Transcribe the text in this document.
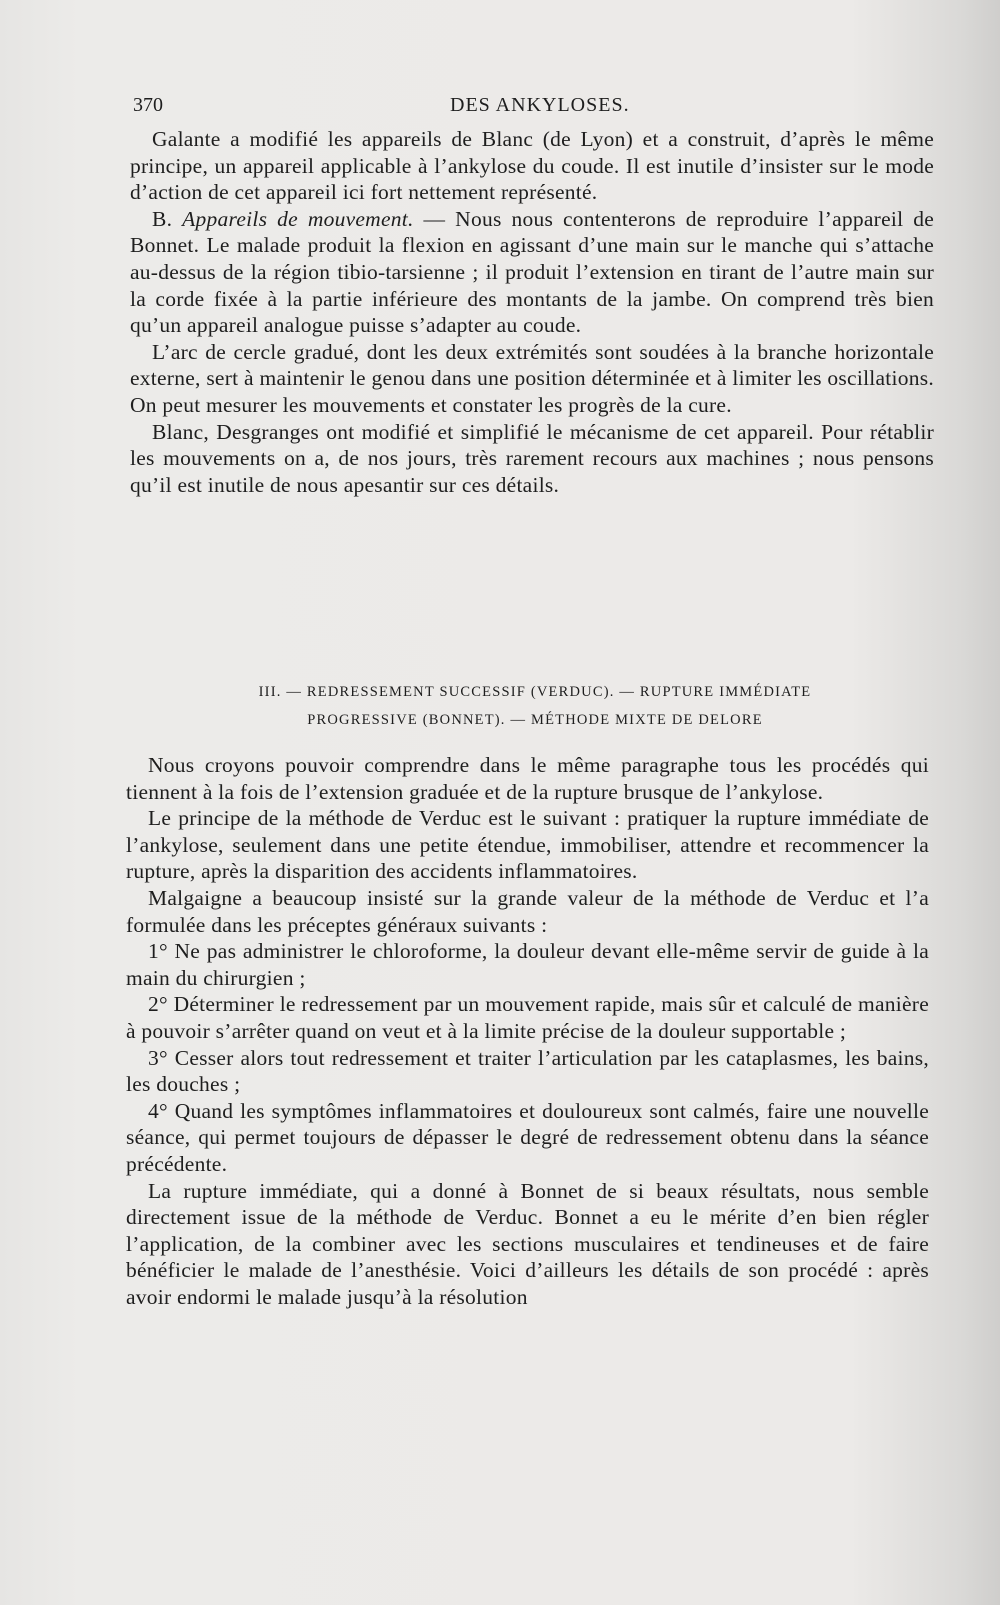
370	DES ANKYLOSES.

Galante a modifié les appareils de Blanc (de Lyon) et a construit, d’après le même principe, un appareil applicable à l’ankylose du coude. Il est inutile d’insister sur le mode d’action de cet appareil ici fort nettement représenté.

B. Appareils de mouvement. — Nous nous contenterons de reproduire l’appareil de Bonnet. Le malade produit la flexion en agissant d’une main sur le manche qui s’attache au-dessus de la région tibio-tarsienne ; il produit l’extension en tirant de l’autre main sur la corde fixée à la partie inférieure des montants de la jambe. On comprend très bien qu’un appareil analogue puisse s’adapter au coude.

L’arc de cercle gradué, dont les deux extrémités sont soudées à la branche horizontale externe, sert à maintenir le genou dans une position déterminée et à limiter les oscillations. On peut mesurer les mouvements et constater les progrès de la cure.

Blanc, Desgranges ont modifié et simplifié le mécanisme de cet appareil. Pour rétablir les mouvements on a, de nos jours, très rarement recours aux machines ; nous pensons qu’il est inutile de nous apesantir sur ces détails.

III. — REDRESSEMENT SUCCESSIF (VERDUC). — RUPTURE IMMÉDIATE
PROGRESSIVE (BONNET). — MÉTHODE MIXTE DE DELORE

Nous croyons pouvoir comprendre dans le même paragraphe tous les procédés qui tiennent à la fois de l’extension graduée et de la rupture brusque de l’ankylose.

Le principe de la méthode de Verduc est le suivant : pratiquer la rupture immédiate de l’ankylose, seulement dans une petite étendue, immobiliser, attendre et recommencer la rupture, après la disparition des accidents inflammatoires.

Malgaigne a beaucoup insisté sur la grande valeur de la méthode de Verduc et l’a formulée dans les préceptes généraux suivants :

1° Ne pas administrer le chloroforme, la douleur devant elle-même servir de guide à la main du chirurgien ;

2° Déterminer le redressement par un mouvement rapide, mais sûr et calculé de manière à pouvoir s’arrêter quand on veut et à la limite précise de la douleur supportable ;

3° Cesser alors tout redressement et traiter l’articulation par les cataplasmes, les bains, les douches ;

4° Quand les symptômes inflammatoires et douloureux sont calmés, faire une nouvelle séance, qui permet toujours de dépasser le degré de redressement obtenu dans la séance précédente.

La rupture immédiate, qui a donné à Bonnet de si beaux résultats, nous semble directement issue de la méthode de Verduc. Bonnet a eu le mérite d’en bien régler l’application, de la combiner avec les sections musculaires et tendineuses et de faire bénéficier le malade de l’anesthésie. Voici d’ailleurs les détails de son procédé : après avoir endormi le malade jusqu’à la résolution
